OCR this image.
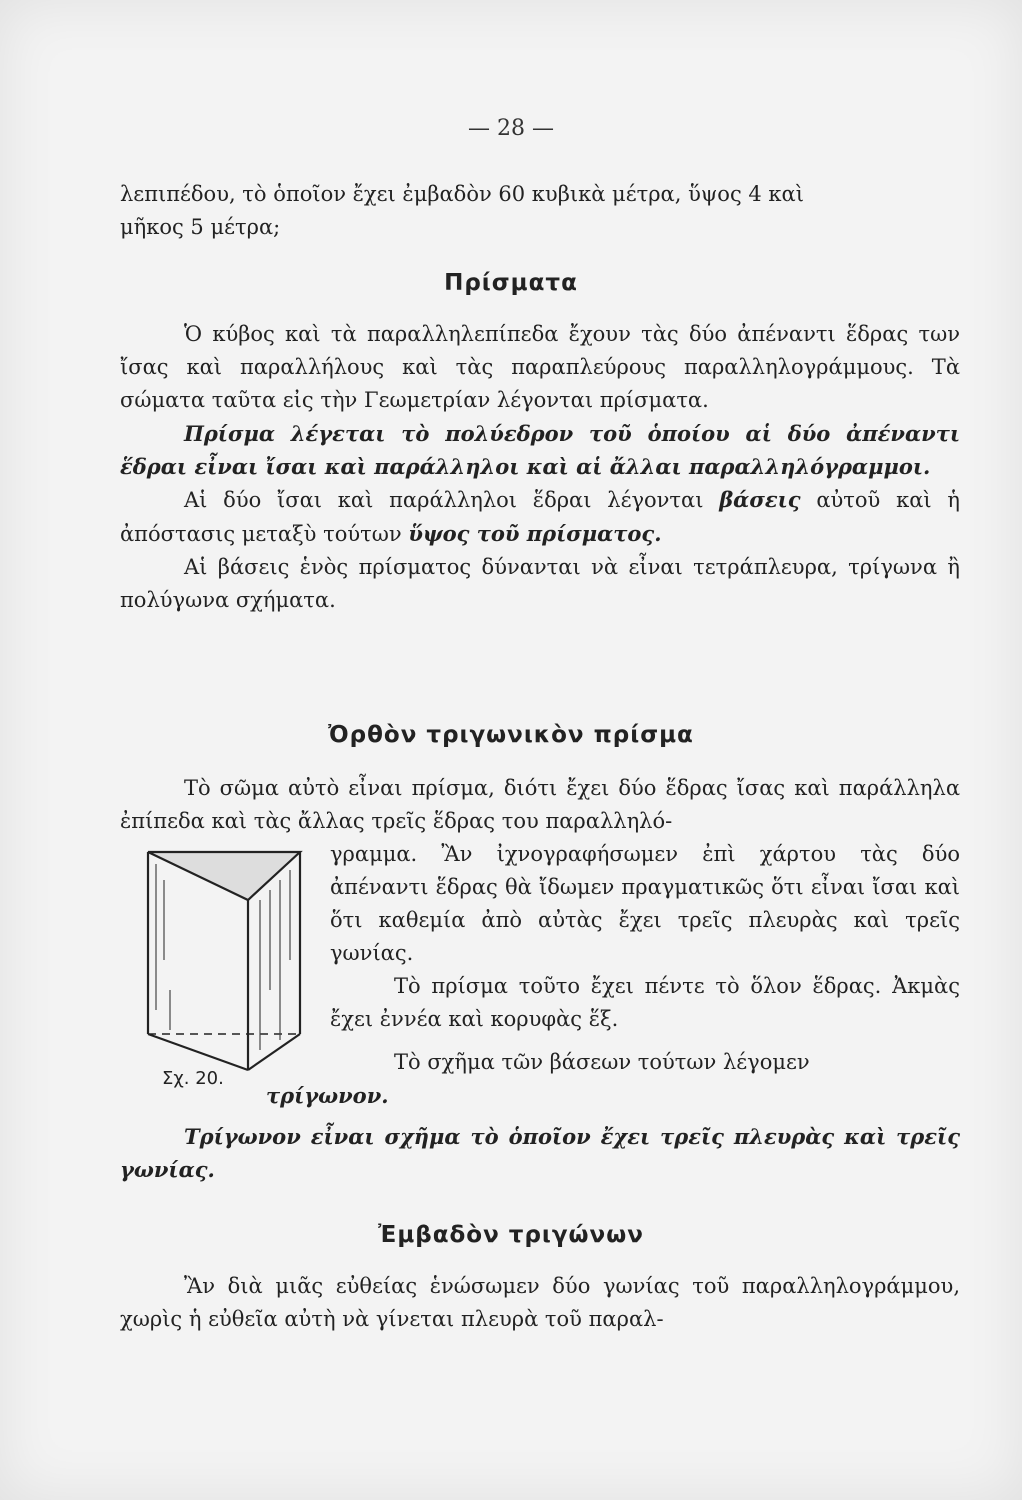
— 28 —

λεπιπέδου, τὸ ὁποῖον ἔχει ἐμβαδὸν 60 κυβικὰ μέτρα, ὕψος 4 καὶ

μῆκος 5 μέτρα;

Πρίσματα

Ὁ κύβος καὶ τὰ παραλληλεπίπεδα ἔχουν τὰς δύο ἀπέναντι ἕδρας των ἴσας καὶ παραλλήλους καὶ τὰς παραπλεύρους παραλληλογράμμους. Τὰ σώματα ταῦτα εἰς τὴν Γεωμετρίαν λέγονται πρίσματα.

Πρίσμα λέγεται τὸ πολύεδρον τοῦ ὁποίου αἱ δύο ἀπέναντι ἕδραι εἶναι ἴσαι καὶ παράλληλοι καὶ αἱ ἄλλαι παραλληλόγραμμοι.

Αἱ δύο ἴσαι καὶ παράλληλοι ἕδραι λέγονται βάσεις αὐτοῦ καὶ ἡ ἀπόστασις μεταξὺ τούτων ὕψος τοῦ πρίσματος.

Αἱ βάσεις ἑνὸς πρίσματος δύνανται νὰ εἶναι τετράπλευρα, τρίγωνα ἢ πολύγωνα σχήματα.

Ὀρθὸν τριγωνικὸν πρίσμα

Τὸ σῶμα αὐτὸ εἶναι πρίσμα, διότι ἔχει δύο ἕδρας ἴσας καὶ παράλληλα ἐπίπεδα καὶ τὰς ἄλλας τρεῖς ἕδρας του παραλληλό-

Σχ. 20.

γραμμα. Ἂν ἰχνογραφήσωμεν ἐπὶ χάρτου τὰς δύο ἀπέναντι ἕδρας θὰ ἴδωμεν πραγματικῶς ὅτι εἶναι ἴσαι καὶ ὅτι καθεμία ἀπὸ αὐτὰς ἔχει τρεῖς πλευρὰς καὶ τρεῖς γωνίας.

Τὸ πρίσμα τοῦτο ἔχει πέντε τὸ ὅλον ἕδρας. Ἀκμὰς ἔχει ἐννέα καὶ κορυφὰς ἕξ.

Τὸ σχῆμα τῶν βάσεων τούτων λέγομεν
τρίγωνον.

Τρίγωνον εἶναι σχῆμα τὸ ὁποῖον ἔχει τρεῖς πλευρὰς καὶ τρεῖς γωνίας.

Ἐμβαδὸν τριγώνων

Ἂν διὰ μιᾶς εὐθείας ἑνώσωμεν δύο γωνίας τοῦ παραλληλογράμμου, χωρὶς ἡ εὐθεῖα αὐτὴ νὰ γίνεται πλευρὰ τοῦ παραλ-
